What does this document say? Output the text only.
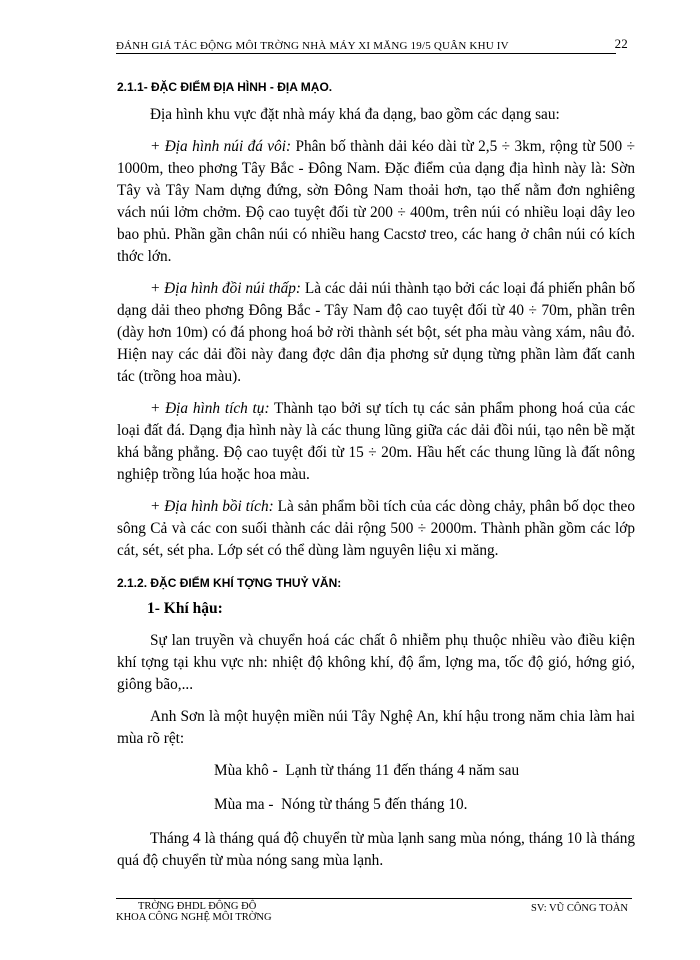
ĐÁNH GIÁ TÁC ĐỘNG MÔI TRỜNG NHÀ MÁY XI MĂNG 19/5 QUÂN KHU IV	22
2.1.1- ĐẶC ĐIỂM ĐỊA HÌNH - ĐỊA MẠO.

Địa hình khu vực đặt nhà máy khá đa dạng, bao gồm các dạng sau:

+ Địa hình núi đá vôi: Phân bố thành dải kéo dài từ 2,5 ÷ 3km, rộng từ 500 ÷ 1000m, theo phơng Tây Bắc - Đông Nam. Đặc điểm của dạng địa hình này là: Sờn Tây và Tây Nam dựng đứng, sờn Đông Nam thoải hơn, tạo thế nằm đơn nghiêng vách núi lởm chởm. Độ cao tuyệt đối từ 200 ÷ 400m, trên núi có nhiều loại dây leo bao phủ. Phần gần chân núi có nhiều hang Cacstơ treo, các hang ở chân núi có kích thớc lớn.

+ Địa hình đồi núi thấp: Là các dải núi thành tạo bởi các loại đá phiến phân bố dạng dải theo phơng Đông Bắc - Tây Nam độ cao tuyệt đối từ 40 ÷ 70m, phần trên (dày hơn 10m) có đá phong hoá bở rời thành sét bột, sét pha màu vàng xám, nâu đỏ. Hiện nay các dải đồi này đang đợc dân địa phơng sử dụng từng phần làm đất canh tác (trồng hoa màu).

+ Địa hình tích tụ: Thành tạo bởi sự tích tụ các sản phẩm phong hoá của các loại đất đá. Dạng địa hình này là các thung lũng giữa các dải đồi núi, tạo nên bề mặt khá bằng phẳng. Độ cao tuyệt đối từ 15 ÷ 20m. Hầu hết các thung lũng là đất nông nghiệp trồng lúa hoặc hoa màu.

+ Địa hình bồi tích: Là sản phẩm bồi tích của các dòng chảy, phân bố dọc theo sông Cả và các con suối thành các dải rộng 500 ÷ 2000m. Thành phần gồm các lớp cát, sét, sét pha. Lớp sét có thể dùng làm nguyên liệu xi măng.

2.1.2. ĐẶC ĐIỂM KHÍ TỢNG THUỶ VĂN:
1- Khí hậu:

Sự lan truyền và chuyển hoá các chất ô nhiễm phụ thuộc nhiều vào điều kiện khí tợng tại khu vực nh: nhiệt độ không khí, độ ẩm, lợng ma, tốc độ gió, hớng gió, giông bão,...

Anh Sơn là một huyện miền núi Tây Nghệ An, khí hậu trong năm chia làm hai mùa rõ rệt:

Mùa khô - Lạnh từ tháng 11 đến tháng 4 năm sau
Mùa ma - Nóng từ tháng 5 đến tháng 10.

Tháng 4 là tháng quá độ chuyển từ mùa lạnh sang mùa nóng, tháng 10 là tháng quá độ chuyển từ mùa nóng sang mùa lạnh.

TRỜNG ĐHDL ĐÔNG ĐÔ
KHOA CÔNG NGHỆ MÔI TRỜNG
SV: VŨ CÔNG TOÀN
